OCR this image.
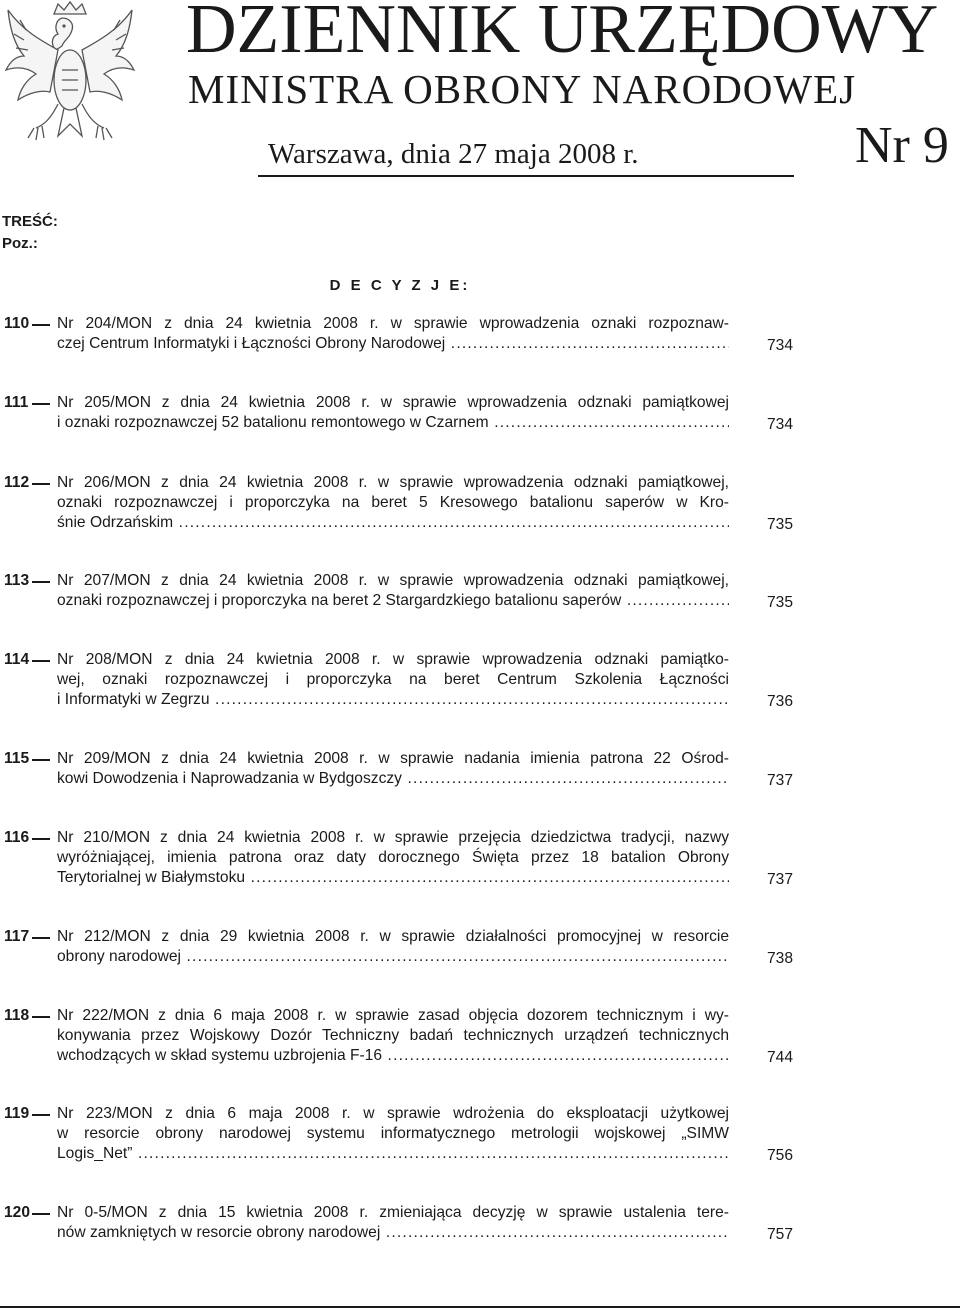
DZIENNIK URZĘDOWY
MINISTRA OBRONY NARODOWEJ
Warszawa, dnia 27 maja 2008 r.	Nr 9
TREŚĆ:
Poz.:
D E C Y Z J E:
110 Nr 204/MON z dnia 24 kwietnia 2008 r. w sprawie wprowadzenia oznaki rozpoznaw-
czej Centrum Informatyki i Łączności Obrony Narodowej .....	734
111 Nr 205/MON z dnia 24 kwietnia 2008 r. w sprawie wprowadzenia odznaki pamiątkowej
i oznaki rozpoznawczej 52 batalionu remontowego w Czarnem .....	734
112 Nr 206/MON z dnia 24 kwietnia 2008 r. w sprawie wprowadzenia odznaki pamiątkowej,
oznaki rozpoznawczej i proporczyka na beret 5 Kresowego batalionu saperów w Kro-
śnie Odrzańskim .....	735
113 Nr 207/MON z dnia 24 kwietnia 2008 r. w sprawie wprowadzenia odznaki pamiątkowej,
oznaki rozpoznawczej i proporczyka na beret 2 Stargardzkiego batalionu saperów .....	735
114 Nr 208/MON z dnia 24 kwietnia 2008 r. w sprawie wprowadzenia odznaki pamiątko-
wej, oznaki rozpoznawczej i proporczyka na beret Centrum Szkolenia Łączności
i Informatyki w Zegrzu .....	736
115 Nr 209/MON z dnia 24 kwietnia 2008 r. w sprawie nadania imienia patrona 22 Ośrod-
kowi Dowodzenia i Naprowadzania w Bydgoszczy .....	737
116 Nr 210/MON z dnia 24 kwietnia 2008 r. w sprawie przejęcia dziedzictwa tradycji, nazwy
wyróżniającej, imienia patrona oraz daty dorocznego Święta przez 18 batalion Obrony
Terytorialnej w Białymstoku .....	737
117 Nr 212/MON z dnia 29 kwietnia 2008 r. w sprawie działalności promocyjnej w resorcie
obrony narodowej .....	738
118 Nr 222/MON z dnia 6 maja 2008 r. w sprawie zasad objęcia dozorem technicznym i wy-
konywania przez Wojskowy Dozór Techniczny badań technicznych urządzeń technicznych
wchodzących w skład systemu uzbrojenia F-16 .....	744
119 Nr 223/MON z dnia 6 maja 2008 r. w sprawie wdrożenia do eksploatacji użytkowej
w resorcie obrony narodowej systemu informatycznego metrologii wojskowej „SIMW
Logis_Net” .....	756
120 Nr 0-5/MON z dnia 15 kwietnia 2008 r. zmieniająca decyzję w sprawie ustalenia tere-
nów zamkniętych w resorcie obrony narodowej .....	757
